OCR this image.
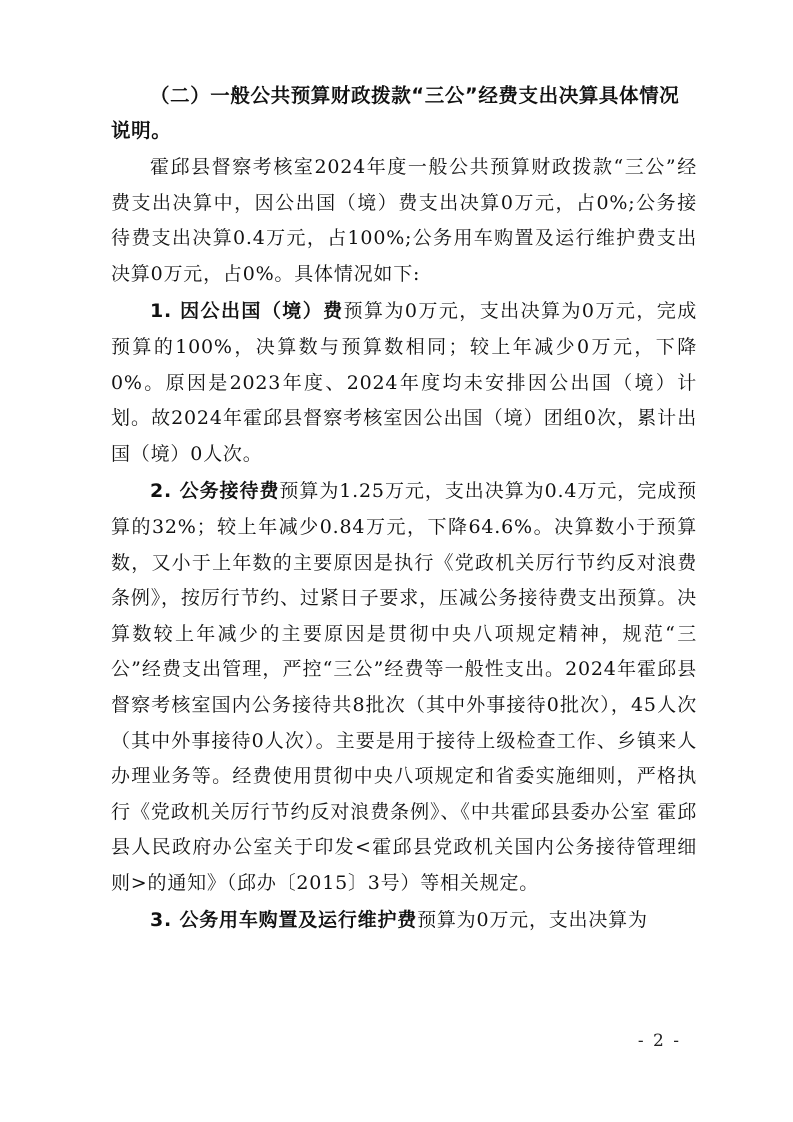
（二）一般公共预算财政拨款“三公”经费支出决算具体情况说明。

霍邱县督察考核室2024年度一般公共预算财政拨款“三公”经费支出决算中，因公出国（境）费支出决算0万元，占0%;公务接待费支出决算0.4万元，占100%;公务用车购置及运行维护费支出决算0万元，占0%。具体情况如下:

1. 因公出国（境）费预算为0万元，支出决算为0万元，完成预算的100%，决算数与预算数相同；较上年减少0万元，下降0%。原因是2023年度、2024年度均未安排因公出国（境）计划。故2024年霍邱县督察考核室因公出国（境）团组0次，累计出国（境）0人次。

2. 公务接待费预算为1.25万元，支出决算为0.4万元，完成预算的32%；较上年减少0.84万元，下降64.6%。决算数小于预算数，又小于上年数的主要原因是执行《党政机关厉行节约反对浪费条例》，按厉行节约、过紧日子要求，压减公务接待费支出预算。决算数较上年减少的主要原因是贯彻中央八项规定精神，规范“三公”经费支出管理，严控“三公”经费等一般性支出。2024年霍邱县督察考核室国内公务接待共8批次（其中外事接待0批次），45人次（其中外事接待0人次）。主要是用于接待上级检查工作、乡镇来人办理业务等。经费使用贯彻中央八项规定和省委实施细则，严格执行《党政机关厉行节约反对浪费条例》、《中共霍邱县委办公室 霍邱县人民政府办公室关于印发<霍邱县党政机关国内公务接待管理细则>的通知》（邱办〔2015〕3号）等相关规定。

3. 公务用车购置及运行维护费预算为0万元，支出决算为

- 2 -
